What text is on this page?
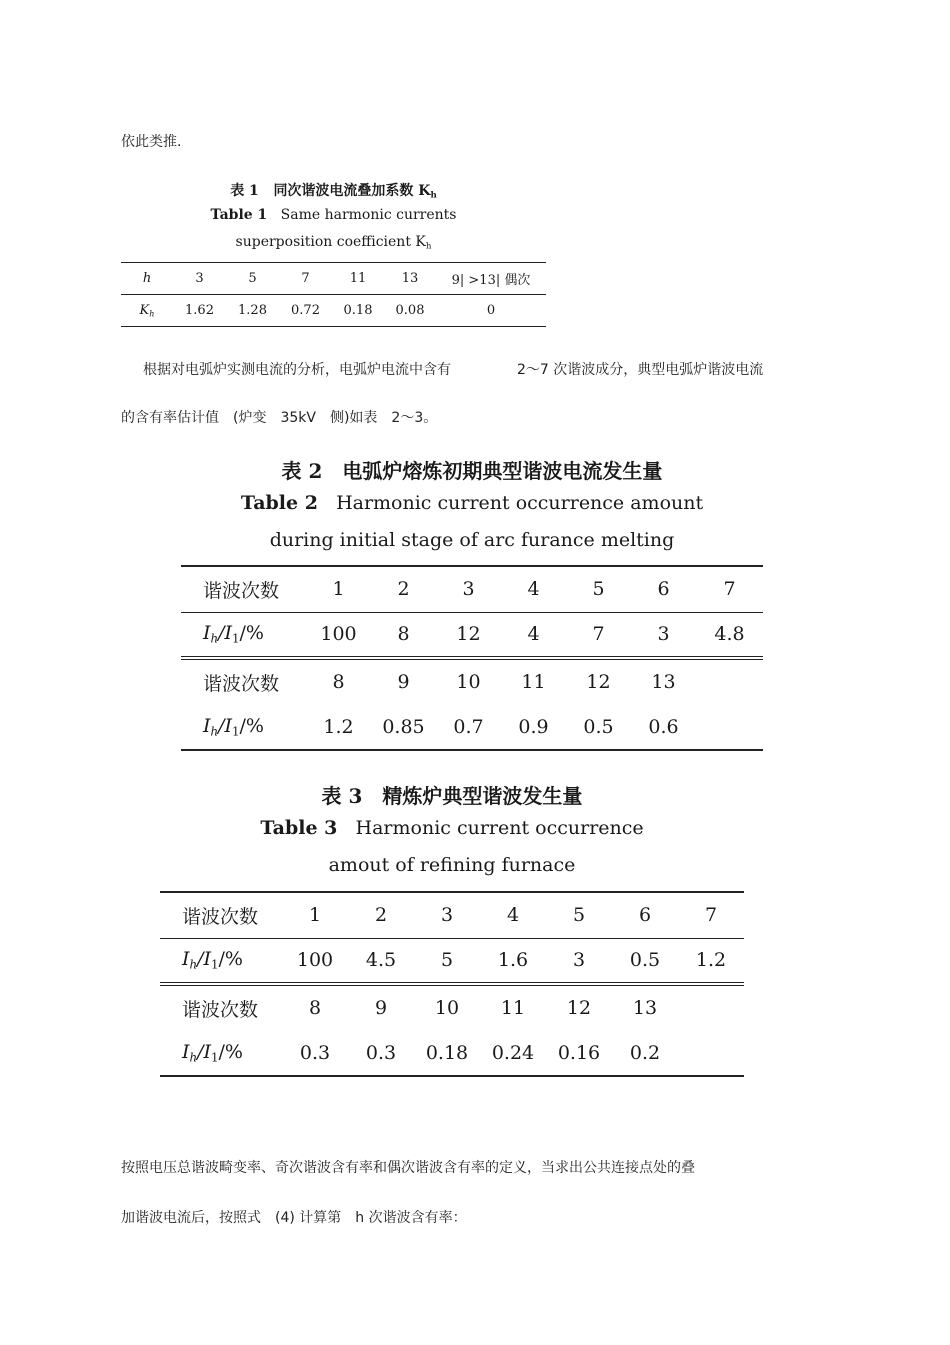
依此类推.
表 1 同次谐波电流叠加系数 $K_h$
Table 1 Same harmonic currents
superposition coefficient $K_h$
h	3	5	7	11	13	9| >13| 偶次
$K_h$	1.62	1.28	0.72	0.18	0.08	0
根据对电弧炉实测电流的分析，电弧炉电流中含有	2～7 次谐波成分，典型电弧炉谐波电流
的含有率估计值　(炉变　35kV　侧)如表　2～3。
表 2　电弧炉熔炼初期典型谐波电流发生量
Table 2 Harmonic current occurrence amount
during initial stage of arc furance melting
谐波次数	1	2	3	4	5	6	7
$I_h/I_1/\%$	100	8	12	4	7	3	4.8
谐波次数	8	9	10	11	12	13	
$I_h/I_1/\%$	1.2	0.85	0.7	0.9	0.5	0.6	
表 3　精炼炉典型谐波发生量
Table 3 Harmonic current occurrence
amout of refining furnace
谐波次数	1	2	3	4	5	6	7
$I_h/I_1/\%$	100	4.5	5	1.6	3	0.5	1.2
谐波次数	8	9	10	11	12	13	
$I_h/I_1/\%$	0.3	0.3	0.18	0.24	0.16	0.2	
按照电压总谐波畸变率、奇次谐波含有率和偶次谐波含有率的定义，当求出公共连接点处的叠
加谐波电流后，按照式　(4) 计算第　h 次谐波含有率：
